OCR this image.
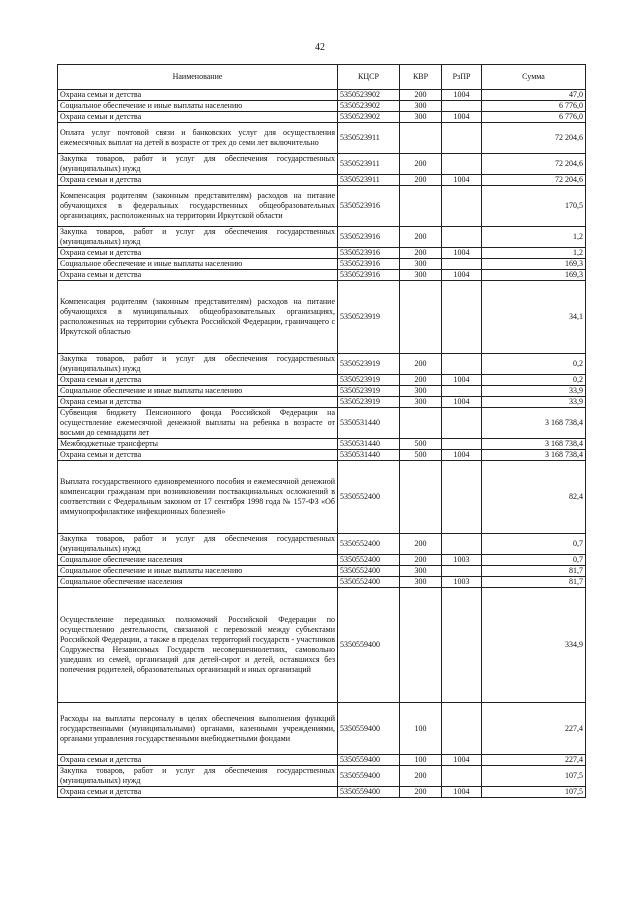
42
Наименование	КЦСР	КВР	РзПР	Сумма
Охрана семьи и детства	5350523902	200	1004	47,0
Социальное обеспечение и иные выплаты населению	5350523902	300		6 776,0
Охрана семьи и детства	5350523902	300	1004	6 776,0
Оплата услуг почтовой связи и банковских услуг для осуществления ежемесячных выплат на детей в возрасте от трех до семи лет включительно	5350523911			72 204,6
Закупка товаров, работ и услуг для обеспечения государственных (муниципальных) нужд	5350523911	200		72 204,6
Охрана семьи и детства	5350523911	200	1004	72 204,6
Компенсация родителям (законным представителям) расходов на питание обучающихся в федеральных государственных общеобразовательных организациях, расположенных на территории Иркутской области	5350523916			170,5
Закупка товаров, работ и услуг для обеспечения государственных (муниципальных) нужд	5350523916	200		1,2
Охрана семьи и детства	5350523916	200	1004	1,2
Социальное обеспечение и иные выплаты населению	5350523916	300		169,3
Охрана семьи и детства	5350523916	300	1004	169,3
Компенсация родителям (законным представителям) расходов на питание обучающихся в муниципальных общеобразовательных организациях, расположенных на территории субъекта Российской Федерации, граничащего с Иркутской областью	5350523919			34,1
Закупка товаров, работ и услуг для обеспечения государственных (муниципальных) нужд	5350523919	200		0,2
Охрана семьи и детства	5350523919	200	1004	0,2
Социальное обеспечение и иные выплаты населению	5350523919	300		33,9
Охрана семьи и детства	5350523919	300	1004	33,9
Субвенция бюджету Пенсионного фонда Российской Федерации на осуществление ежемесячной денежной выплаты на ребенка в возрасте от восьми до семнадцати лет	5350531440			3 168 738,4
Межбюджетные трансферты	5350531440	500		3 168 738,4
Охрана семьи и детства	5350531440	500	1004	3 168 738,4
Выплата государственного единовременного пособия и ежемесячной денежной компенсации гражданам при возникновении поствакцинальных осложнений в соответствии с Федеральным законом от 17 сентября 1998 года № 157-ФЗ «Об иммунопрофилактике инфекционных болезней»	5350552400			82,4
Закупка товаров, работ и услуг для обеспечения государственных (муниципальных) нужд	5350552400	200		0,7
Социальное обеспечение населения	5350552400	200	1003	0,7
Социальное обеспечение и иные выплаты населению	5350552400	300		81,7
Социальное обеспечение населения	5350552400	300	1003	81,7
Осуществление переданных полномочий Российской Федерации по осуществлению деятельности, связанной с перевозкой между субъектами Российской Федерации, а также в пределах территорий государств - участников Содружества Независимых Государств несовершеннолетних, самовольно ушедших из семей, организаций для детей-сирот и детей, оставшихся без попечения родителей, образовательных организаций и иных организаций	5350559400			334,9
Расходы на выплаты персоналу в целях обеспечения выполнения функций государственными (муниципальными) органами, казенными учреждениями, органами управления государственными внебюджетными фондами	5350559400	100		227,4
Охрана семьи и детства	5350559400	100	1004	227,4
Закупка товаров, работ и услуг для обеспечения государственных (муниципальных) нужд	5350559400	200		107,5
Охрана семьи и детства	5350559400	200	1004	107,5
